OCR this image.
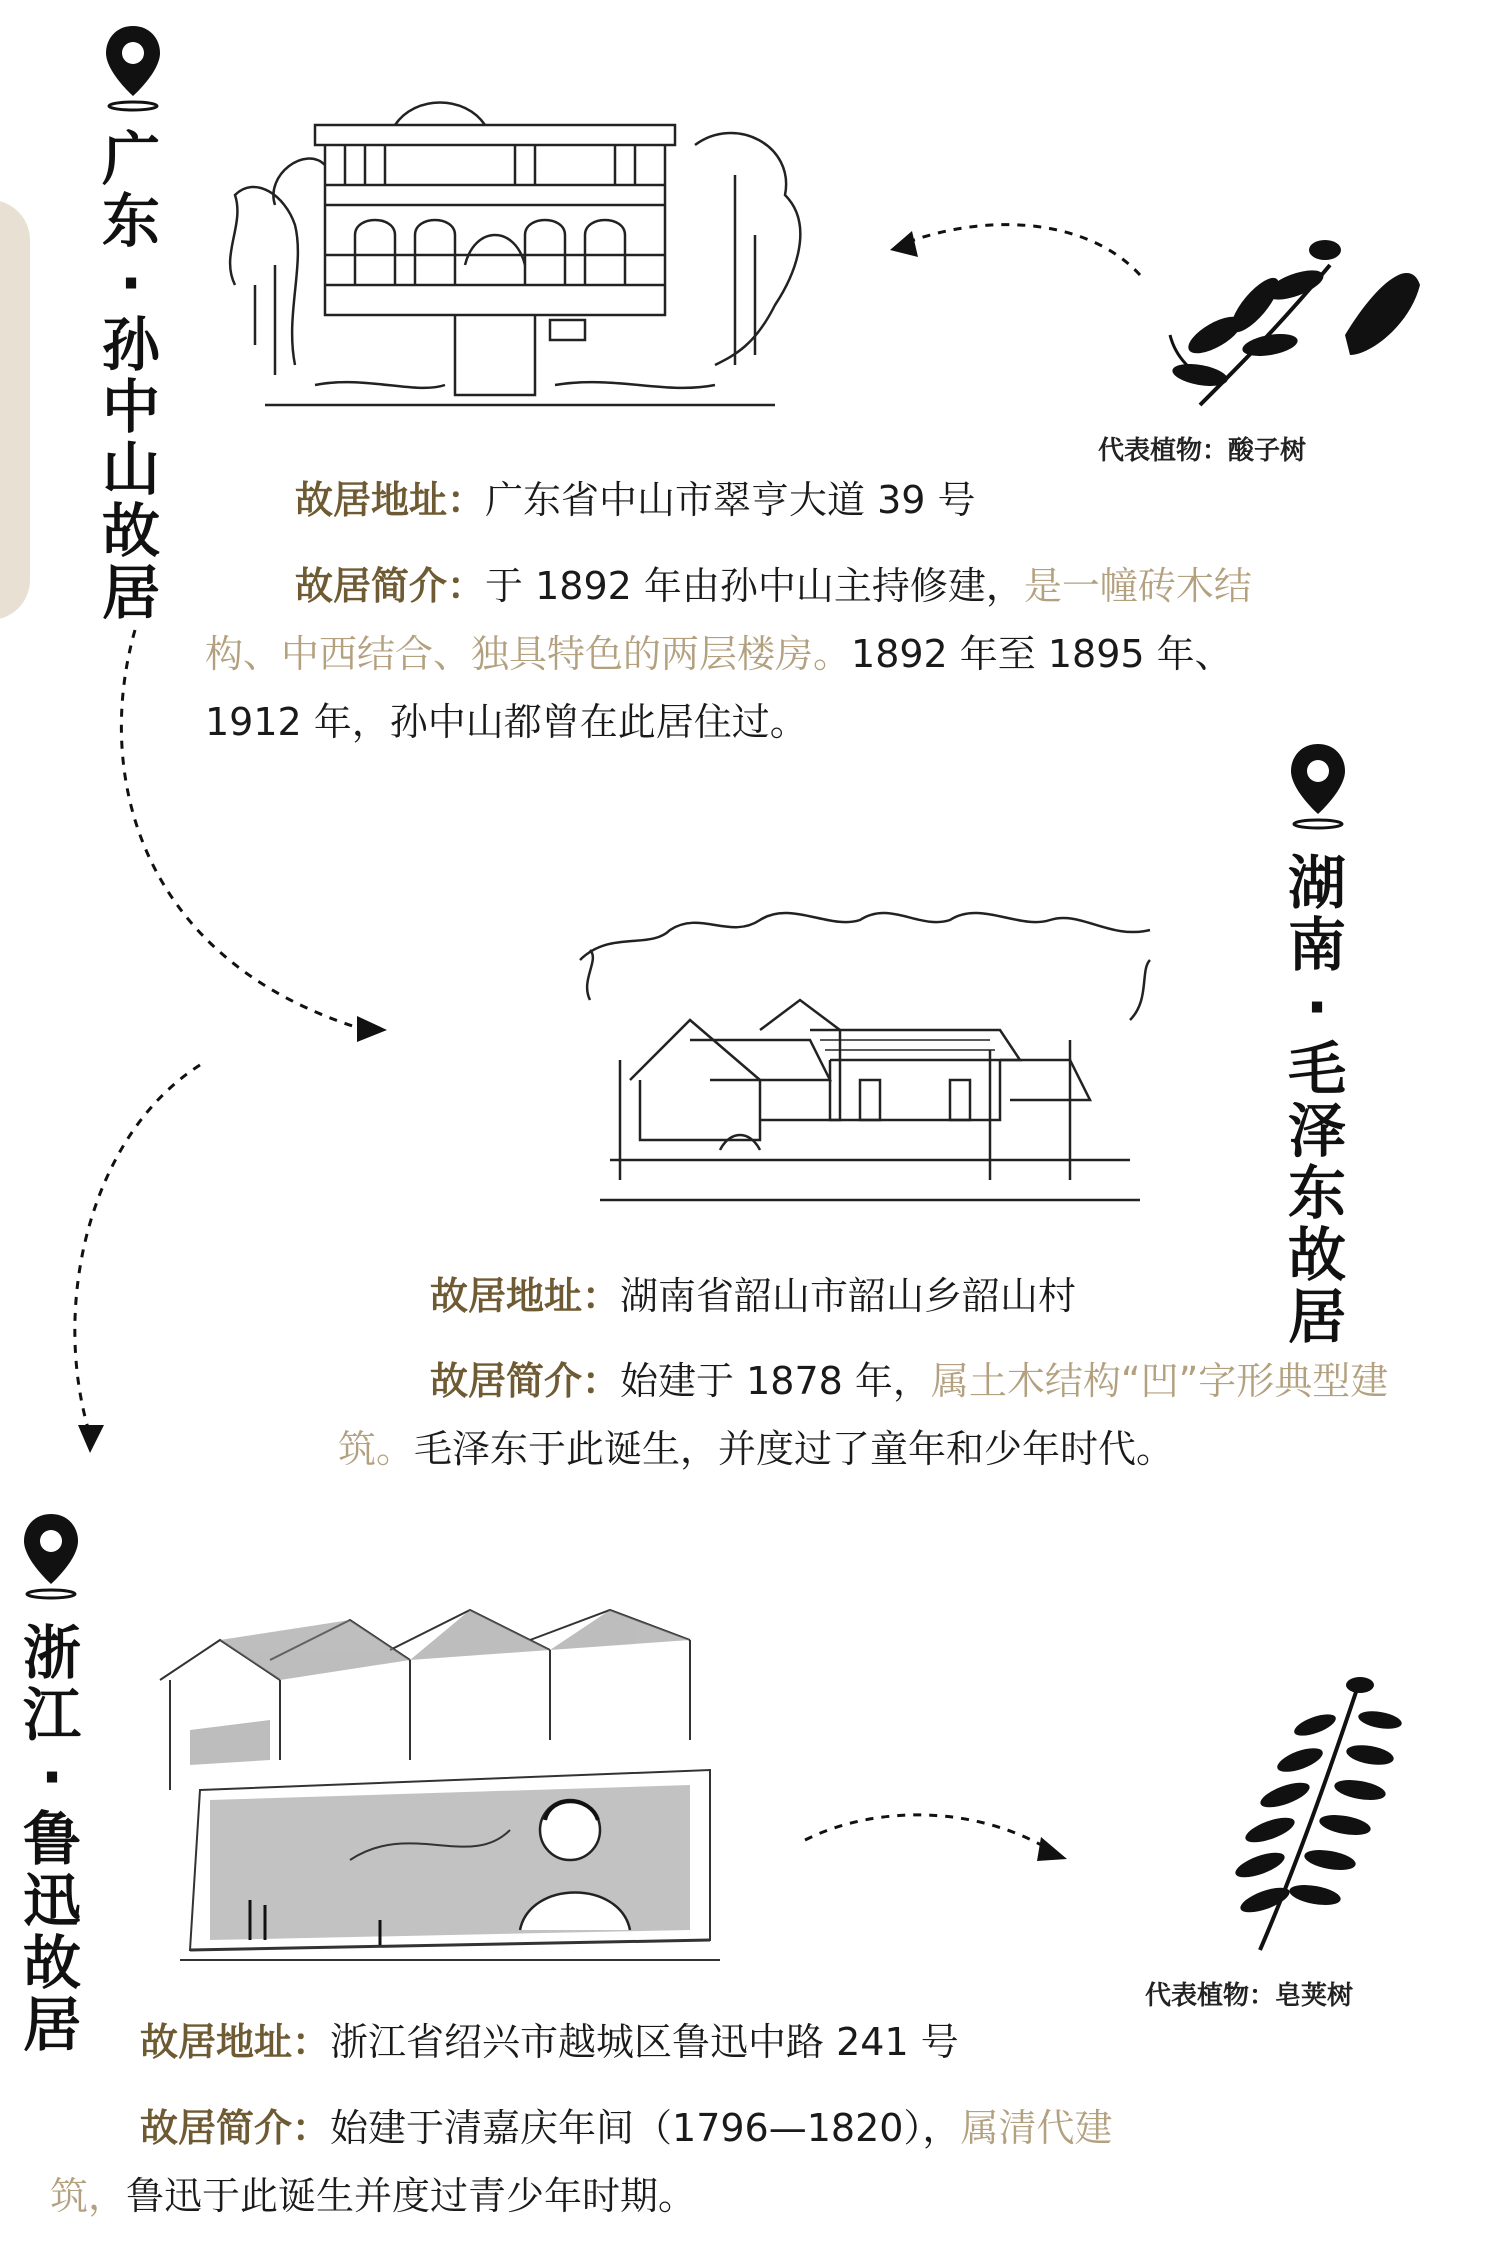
广
东
·
孙
中
山
故
居
代表植物：酸子树

故居地址：广东省中山市翠亨大道 39 号

故居简介：于 1892 年由孙中山主持修建，是一幢砖木结构、中西结合、独具特色的两层楼房。1892 年至 1895 年、1912 年，孙中山都曾在此居住过。

湖
南
·
毛
泽
东
故
居

故居地址：湖南省韶山市韶山乡韶山村

故居简介：始建于 1878 年，属土木结构“凹”字形典型建筑。毛泽东于此诞生，并度过了童年和少年时代。

浙
江
·
鲁
迅
故
居	代表植物：皂荚树

故居地址：浙江省绍兴市越城区鲁迅中路 241 号

故居简介：始建于清嘉庆年间（1796—1820），属清代建筑，鲁迅于此诞生并度过青少年时期。
